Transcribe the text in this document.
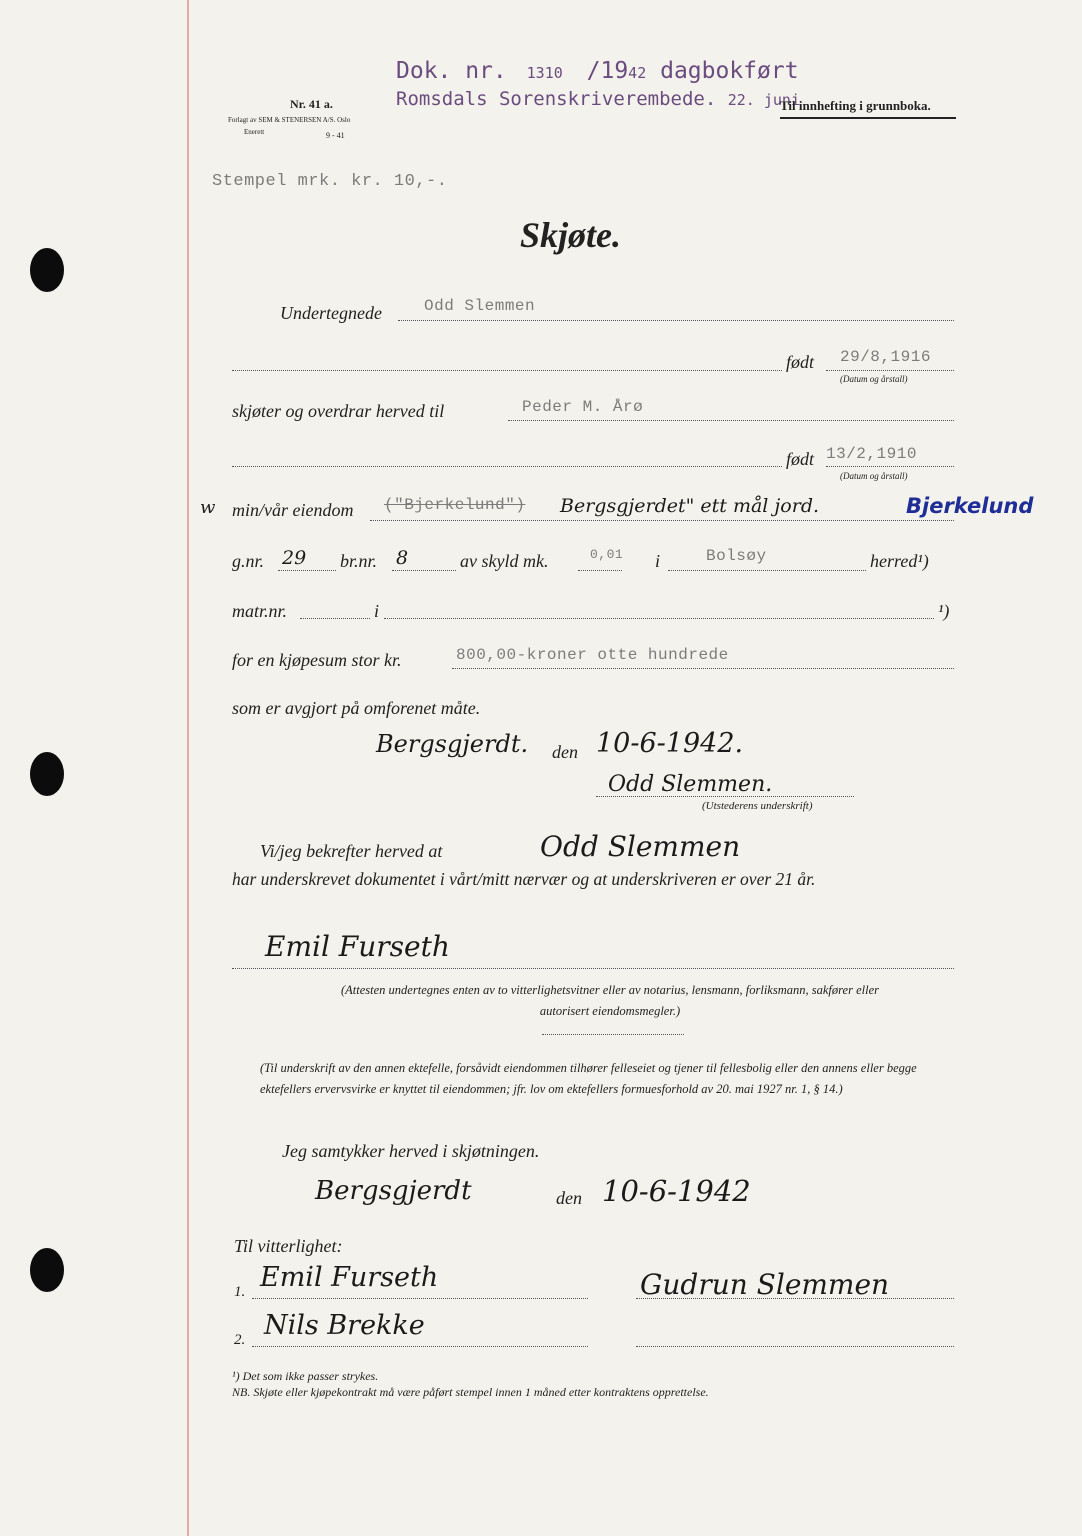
Nr. 41 a.
Forlagt av SEM & STENERSEN A/S. Oslo
Enerett	9 - 41
Dok. nr. 1310 /1942 dagbokført
Romsdals Sorenskriverembede. 22. juni
Til innhefting i grunnboka.
Stempel mrk. kr. 10,-.
Skjøte.
Undertegnede	Odd Slemmen
født 29/8,1916
(Datum og årstall)
skjøter og overdrar herved til	Peder M. Årø
født 13/2,1910
(Datum og årstall)
w min/vår eiendom ("Bjerkelund") Bergsgjerdet" ett mål jord.	Bjerkelund
g.nr. 29 br.nr. 8	av skyld mk.	0,01 i	Bolsøy	herred¹)
matr.nr.	i	¹)
for en kjøpesum stor kr.	800,00-kroner otte hundrede
som er avgjort på omforenet måte.
Bergsgjerdt. den 10-6-1942.
Odd Slemmen.
(Utstederens underskrift)
Vi/jeg bekrefter herved at	Odd Slemmen
har underskrevet dokumentet i vårt/mitt nærvær og at underskriveren er over 21 år.
Emil Furseth
(Attesten undertegnes enten av to vitterlighetsvitner eller av notarius, lensmann, forliksmann, sakfører eller autorisert eiendomsmegler.)
(Til underskrift av den annen ektefelle, forsåvidt eiendommen tilhører felleseiet og tjener til fellesbolig eller den annens eller begge ektefellers ervervsvirke er knyttet til eiendommen; jfr. lov om ektefellers formuesforhold av 20. mai 1927 nr. 1, § 14.)
Jeg samtykker herved i skjøtningen.
Bergsgjerdt	den 10-6-1942
Til vitterlighet:
1. Emil Furseth	Gudrun Slemmen
2. Nils Brekke
¹) Det som ikke passer strykes.
NB. Skjøte eller kjøpekontrakt må være påført stempel innen 1 måned etter kontraktens opprettelse.
